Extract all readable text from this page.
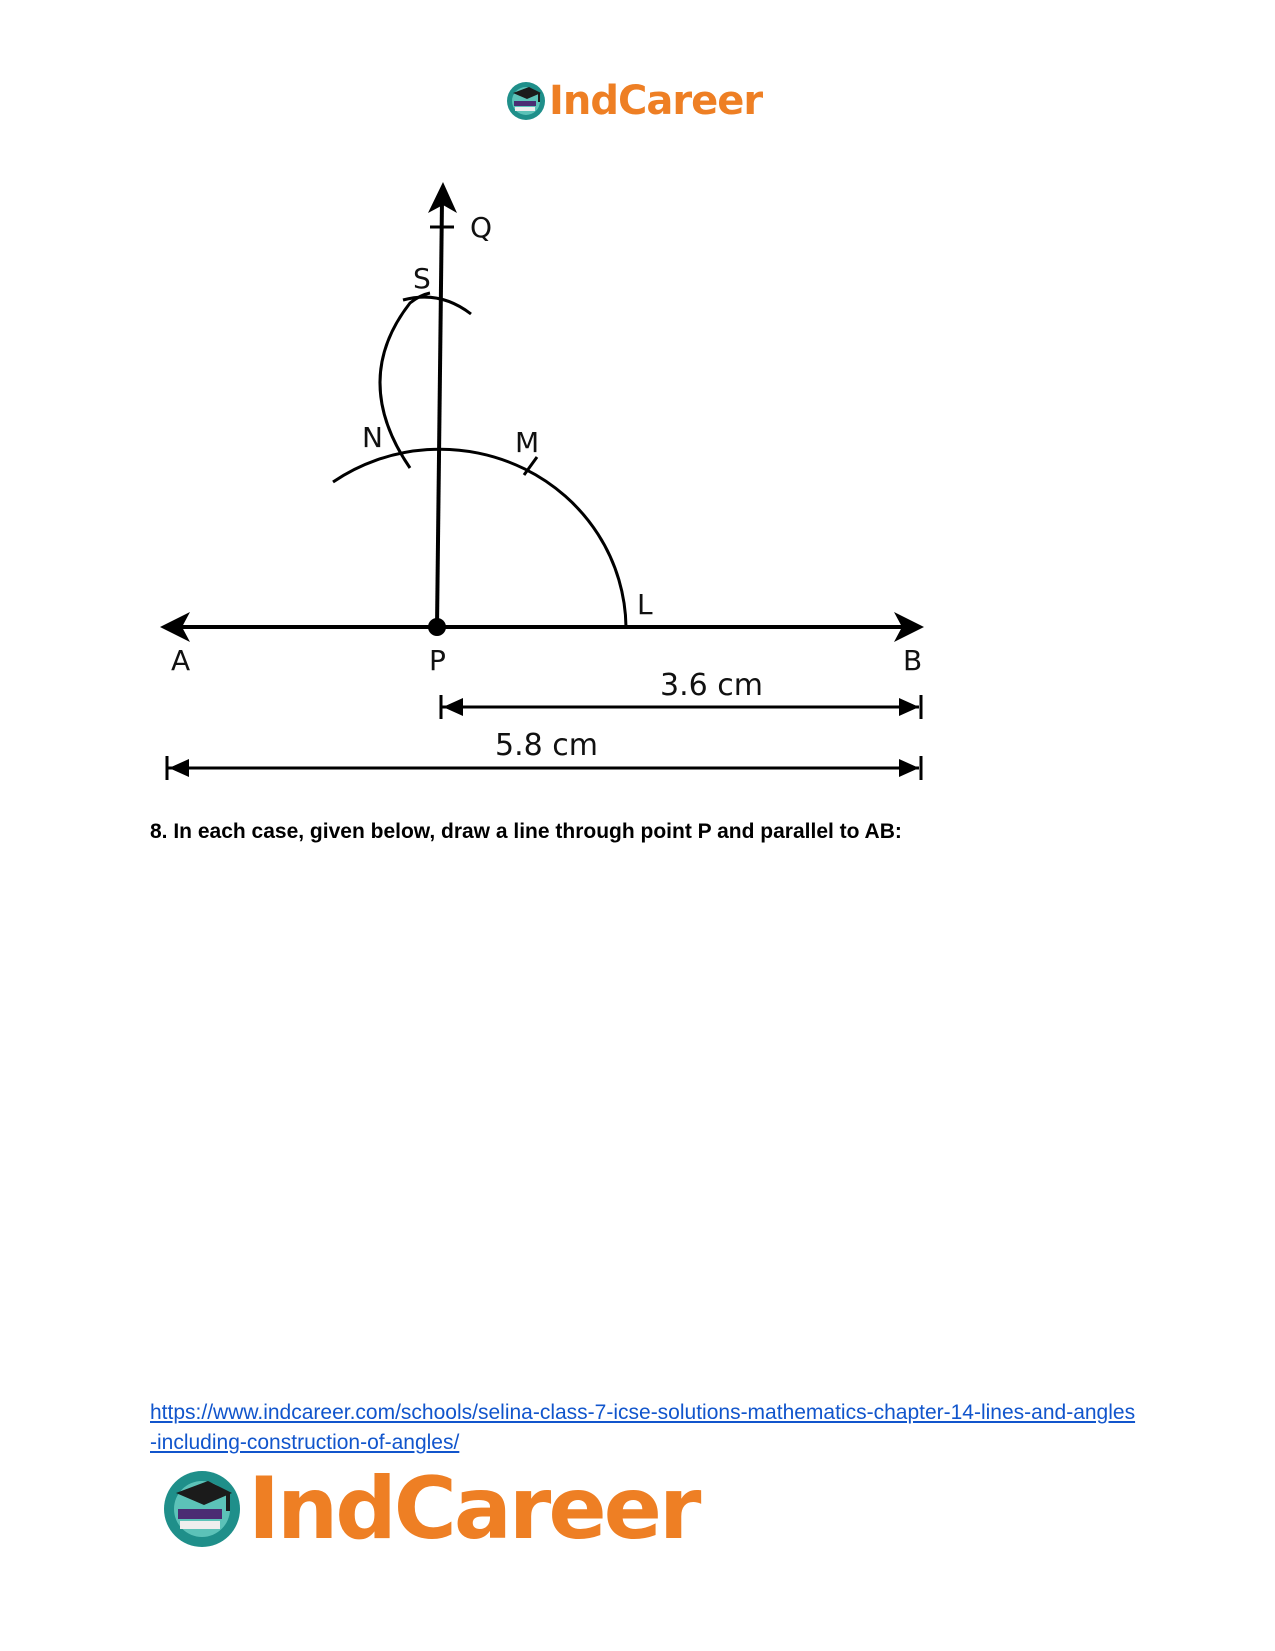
IndCareer
Q
S
N	M
L
A	P	B
3.6 cm
5.8 cm

8. In each case, given below, draw a line through point P and parallel to AB:

https://www.indcareer.com/schools/selina-class-7-icse-solutions-mathematics-chapter-14-lines-and-angles-including-construction-of-angles/
IndCareer
